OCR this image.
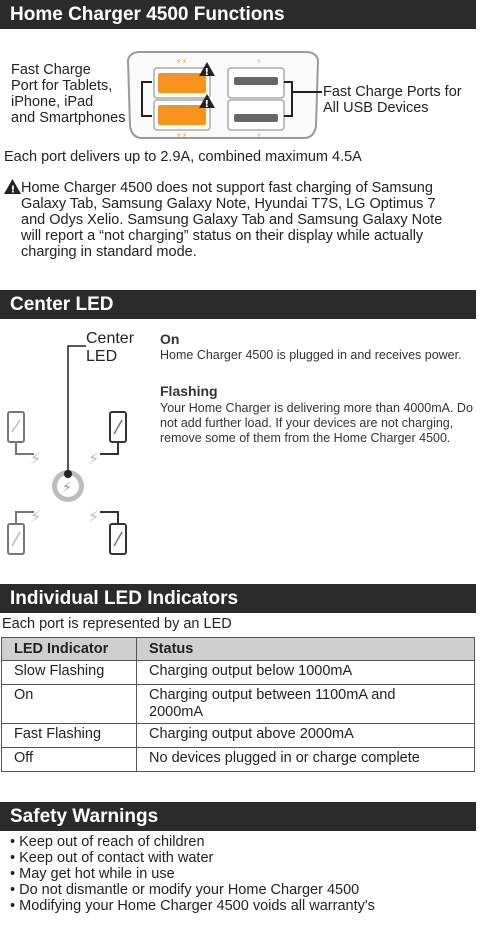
Home Charger 4500 Functions
Fast Charge
Port for Tablets,
iPhone, iPad
and Smartphones
⚡⚡
⚡⚡
⚡
⚡
!
!
Fast Charge Ports for
All USB Devices
Each port delivers up to 2.9A, combined maximum 4.5A
! Home Charger 4500 does not support fast charging of Samsung
Galaxy Tab, Samsung Galaxy Note, Hyundai T7S, LG Optimus 7
and Odys Xelio. Samsung Galaxy Tab and Samsung Galaxy Note
will report a “not charging” status on their display while actually
charging in standard mode.
Center LED
Center
LED
⚡
⚡	⚡
⚡	⚡
On
Home Charger 4500 is plugged in and receives power.
Flashing
Your Home Charger is delivering more than 4000mA. Do
not add further load. If your devices are not charging,
remove some of them from the Home Charger 4500.
Individual LED Indicators
Each port is represented by an LED
LED Indicator	Status
Slow Flashing	Charging output below 1000mA
On	Charging output between 1100mA and
2000mA

Fast Flashing	Charging output above 2000mA
Off	No devices plugged in or charge complete
Safety Warnings
• Keep out of reach of children
• Keep out of contact with water
• May get hot while in use
• Do not dismantle or modify your Home Charger 4500
• Modifying your Home Charger 4500 voids all warranty's
